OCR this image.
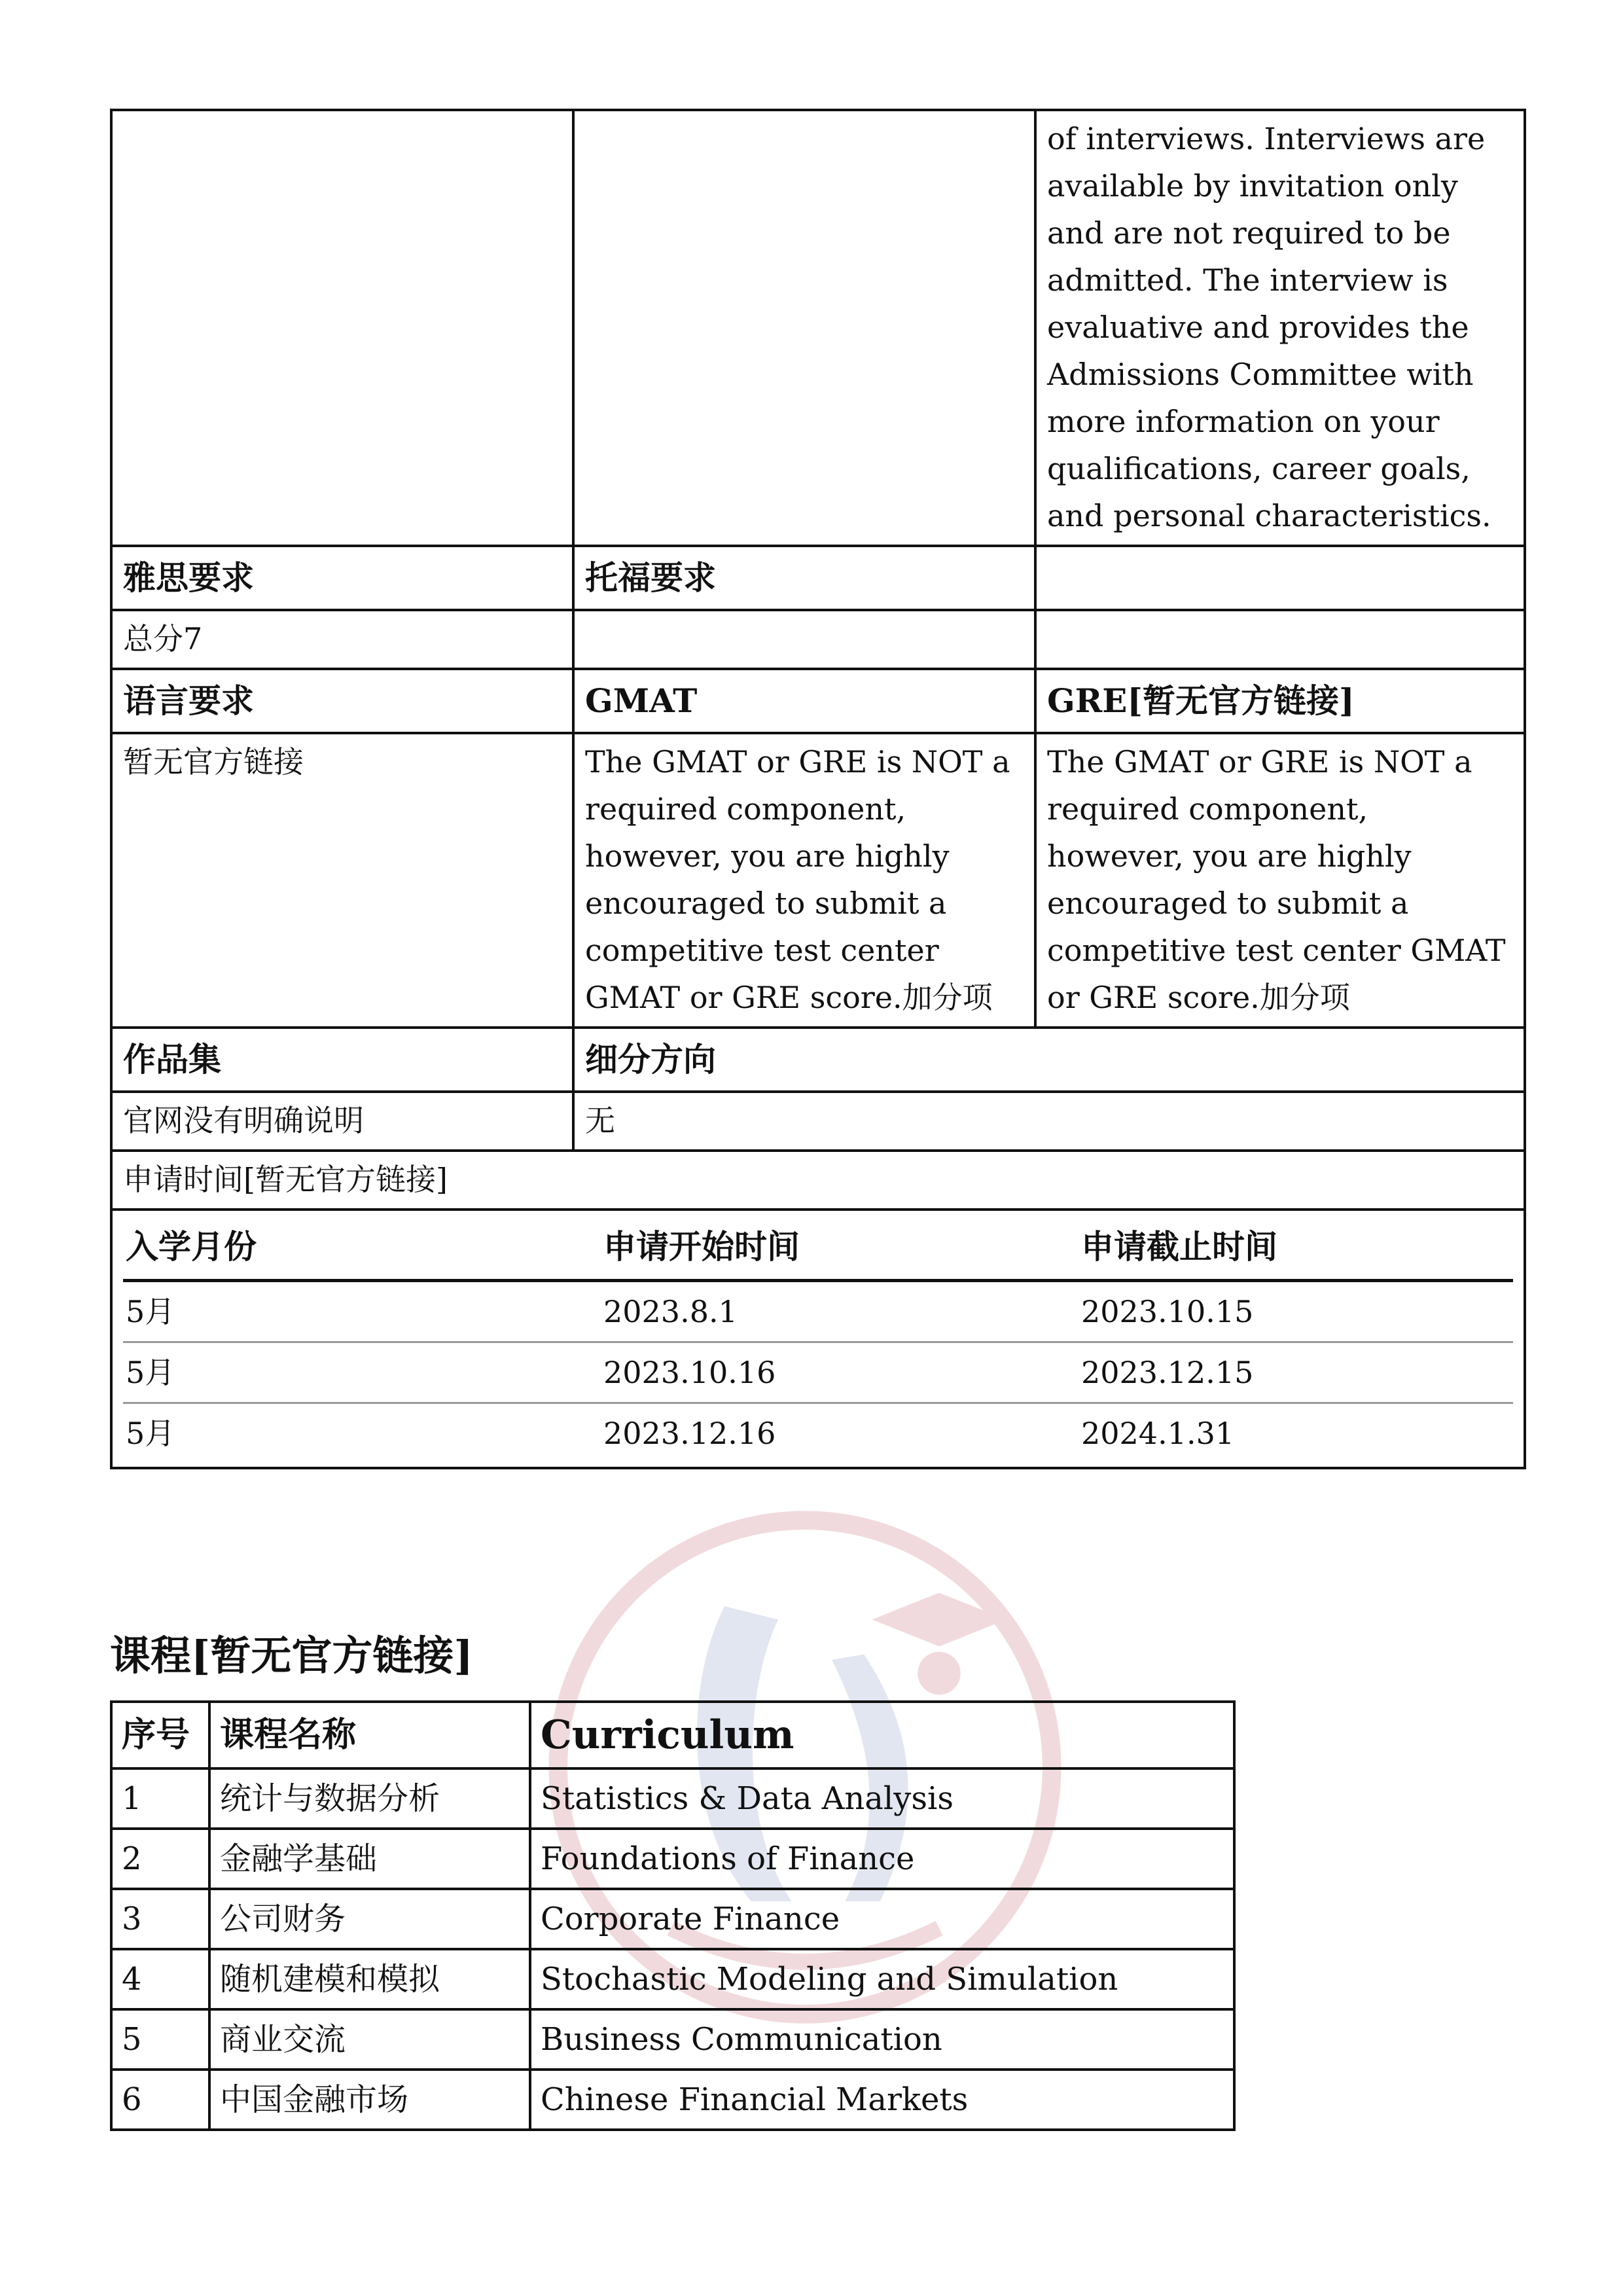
		of interviews. Interviews are available by invitation only and are not required to be admitted. The interview is evaluative and provides the Admissions Committee with more information on your qualifications, career goals, and personal characteristics.
雅思要求	托福要求	
总分7		
语言要求	GMAT	GRE[暂无官方链接]
暂无官方链接	The GMAT or GRE is NOT a required component, however, you are highly encouraged to submit a competitive test center GMAT or GRE score.加分项	The GMAT or GRE is NOT a required component, however, you are highly encouraged to submit a competitive test center GMAT or GRE score.加分项
作品集	细分方向
官网没有明确说明	无
申请时间[暂无官方链接]

入学月份	申请开始时间	申请截止时间
5月	2023.8.1	2023.10.15
5月	2023.10.16	2023.12.15
5月	2023.12.16	2024.1.31
课程[暂无官方链接]
序号	课程名称	Curriculum
1	统计与数据分析	Statistics & Data Analysis
2	金融学基础	Foundations of Finance
3	公司财务	Corporate Finance
4	随机建模和模拟	Stochastic Modeling and Simulation
5	商业交流	Business Communication
6	中国金融市场	Chinese Financial Markets
